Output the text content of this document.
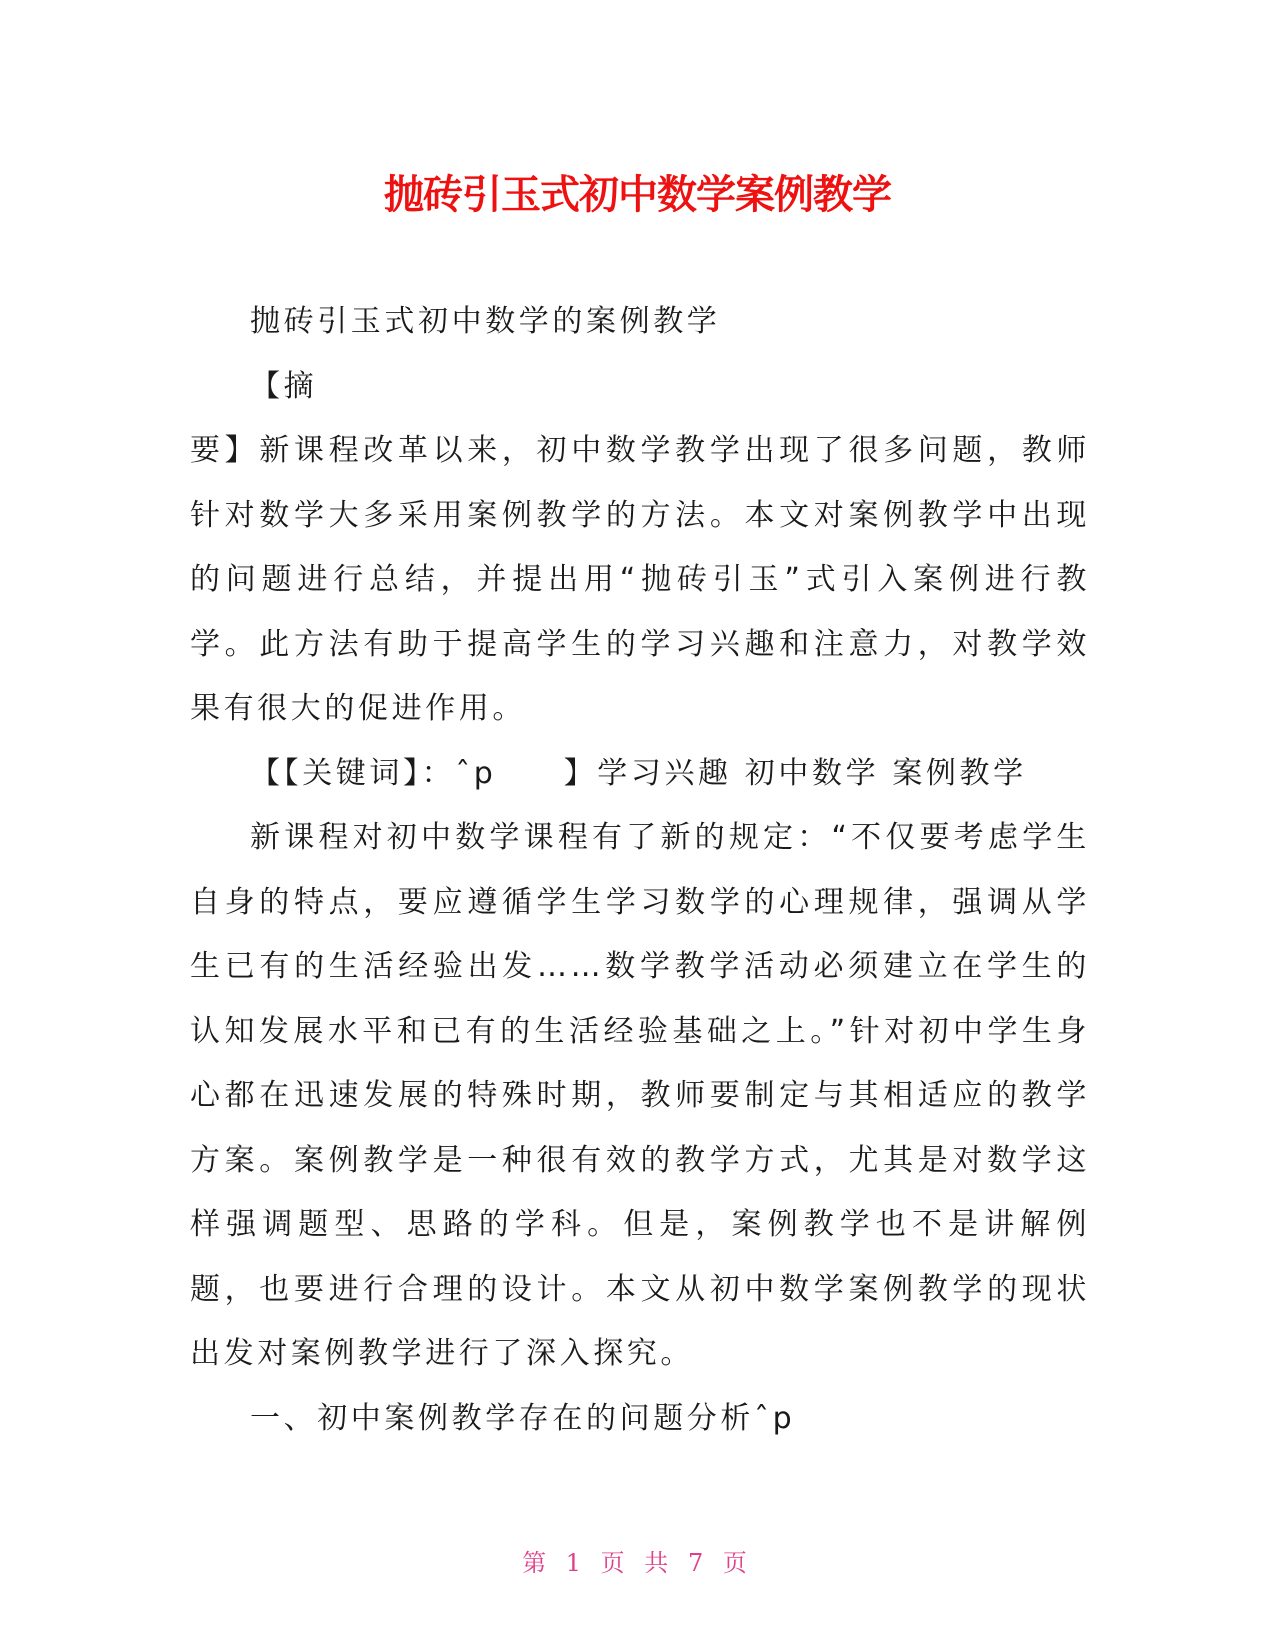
抛砖引玉式初中数学案例教学

抛砖引玉式初中数学的案例教学

【摘

要】新课程改革以来，初中数学教学出现了很多问题，教师针对数学大多采用案例教学的方法。本文对案例教学中出现的问题进行总结，并提出用“抛砖引玉”式引入案例进行教学。此方法有助于提高学生的学习兴趣和注意力，对教学效果有很大的促进作用。

【【关键词】：ˆp　　】学习兴趣 初中数学 案例教学

新课程对初中数学课程有了新的规定：“不仅要考虑学生自身的特点，要应遵循学生学习数学的心理规律，强调从学生已有的生活经验出发……数学教学活动必须建立在学生的认知发展水平和已有的生活经验基础之上。”针对初中学生身心都在迅速发展的特殊时期，教师要制定与其相适应的教学方案。案例教学是一种很有效的教学方式，尤其是对数学这样强调题型、思路的学科。但是，案例教学也不是讲解例题，也要进行合理的设计。本文从初中数学案例教学的现状出发对案例教学进行了深入探究。

一、初中案例教学存在的问题分析ˆp

第 1 页 共 7 页
